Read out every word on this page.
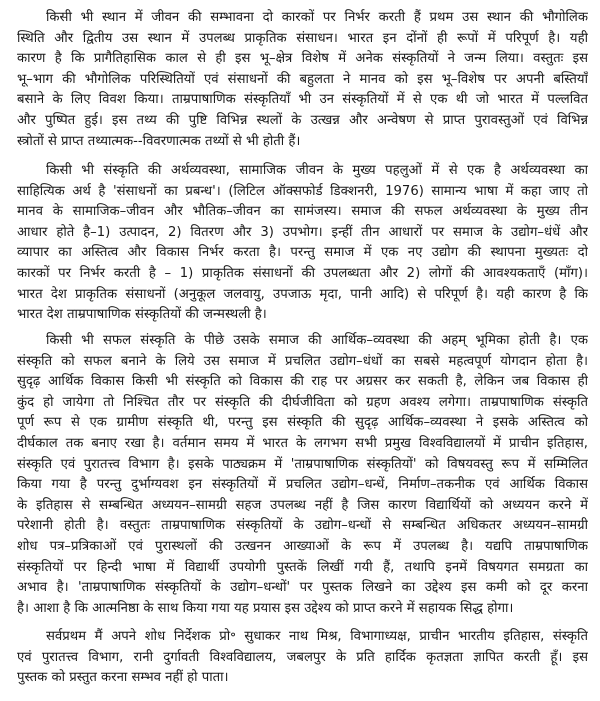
किसी भी स्थान में जीवन की सम्भावना दो कारकों पर निर्भर करती हैं प्रथम उस स्थान की भौगोलिक
स्थिति और द्वितीय उस स्थान में उपलब्ध प्राकृतिक संसाधन। भारत इन दोंनों ही रूपों में परिपूर्ण है। यही
कारण है कि प्रागैतिहासिक काल से ही इस भू–क्षेत्र विशेष में अनेक संस्कृतियों ने जन्म लिया। वस्तुतः इस
भू–भाग की भौगोलिक परिस्थितियों एवं संसाधनों की बहुलता ने मानव को इस भू–विशेष पर अपनी बस्तियाँ
बसाने के लिए विवश किया। ताम्रपाषाणिक संस्कृतियाँ भी उन संस्कृतियों में से एक थी जो भारत में पल्लवित
और पुष्पित हुई। इस तथ्य की पुष्टि विभिन्न स्थलों के उत्खन्न और अन्वेषण से प्राप्त पुरावस्तुओं एवं विभिन्न
स्त्रोतों से प्राप्त तथ्यात्मक--विवरणात्मक तथ्यों से भी होती हैं।

किसी भी संस्कृति की अर्थव्यवस्था, सामाजिक जीवन के मुख्य पहलुओं में से एक है अर्थव्यवस्था का
साहित्यिक अर्थ है 'संसाधनों का प्रबन्ध'। (लिटिल ऑक्सफोर्ड डिक्शनरी, 1976) सामान्य भाषा में कहा जाए तो
मानव के सामाजिक–जीवन और भौतिक–जीवन का सामंजस्य। समाज की सफल अर्थव्यवस्था के मुख्य तीन
आधार होते है–1) उत्पादन, 2) वितरण और 3) उपभोग। इन्हीं तीन आधारों पर समाज के उद्योग–धंधें और
व्यापार का अस्तित्व और विकास निर्भर करता है। परन्तु समाज में एक नए उद्योग की स्थापना मुख्यतः दो
कारकों पर निर्भर करती है – 1) प्राकृतिक संसाधनों की उपलब्धता और 2) लोगों की आवश्यकताएँ (माँग)।
भारत देश प्राकृतिक संसाधनों (अनुकूल जलवायु, उपजाऊ मृदा, पानी आदि) से परिपूर्ण है। यही कारण है कि
भारत देश ताम्रपाषाणिक संस्कृतियों की जन्मस्थली है।

किसी भी सफल संस्कृति के पीछे उसके समाज की आर्थिक–व्यवस्था की अहम् भूमिका होती है। एक
संस्कृति को सफल बनाने के लिये उस समाज में प्रचलित उद्योग–धंधों का सबसे महत्वपूर्ण योगदान होता है।
सुदृढ़ आर्थिक विकास किसी भी संस्कृति को विकास की राह पर अग्रसर कर सकती है, लेकिन जब विकास ही
कुंद हो जायेगा तो निश्चित तौर पर संस्कृति की दीर्घजीविता को ग्रहण अवश्य लगेगा। ताम्रपाषाणिक संस्कृति
पूर्ण रूप से एक ग्रामीण संस्कृति थी, परन्तु इस संस्कृति की सुदृढ़ आर्थिक–व्यवस्था ने इसके अस्तित्व को
दीर्घकाल तक बनाए रखा है। वर्तमान समय में भारत के लगभग सभी प्रमुख विश्वविद्यालयों में प्राचीन इतिहास,
संस्कृति एवं पुरातत्त्व विभाग है। इसके पाठ्यक्रम में 'ताम्रपाषाणिक संस्कृतियों' को विषयवस्तु रूप में सम्मिलित
किया गया है परन्तु दुर्भाग्यवश इन संस्कृतियों में प्रचलित उद्योग–धन्धें, निर्माण–तकनीक एवं आर्थिक विकास
के इतिहास से सम्बन्धित अध्ययन–सामग्री सहज उपलब्ध नहीं है जिस कारण विद्यार्थियों को अध्ययन करने में
परेशानी होती है। वस्तुतः ताम्रपाषाणिक संस्कृतियों के उद्योग–धन्धों से सम्बन्धित अधिकतर अध्ययन–सामग्री
शोध पत्र–प्रत्रिकाओं एवं पुरास्थलों की उत्खनन आख्याओं के रूप में उपलब्ध है। यद्यपि ताम्रपाषाणिक
संस्कृतियों पर हिन्दी भाषा में विद्यार्थी उपयोगी पुस्तकें लिखीं गयी हैं, तथापि इनमें विषयगत समग्रता का
अभाव है। 'ताम्रपाषाणिक संस्कृतियों के उद्योग–धन्धों' पर पुस्तक लिखने का उद्देश्य इस कमी को दूर करना
है। आशा है कि आत्मनिष्ठा के साथ किया गया यह प्रयास इस उद्देश्य को प्राप्त करने में सहायक सिद्ध होगा।

सर्वप्रथम मैं अपने शोध निर्देशक प्रो॰ सुधाकर नाथ मिश्र, विभागाध्यक्ष, प्राचीन भारतीय इतिहास, संस्कृति
एवं पुरातत्त्व विभाग, रानी दुर्गावती विश्वविद्यालय, जबलपुर के प्रति हार्दिक कृतज्ञता ज्ञापित करती हूँ। इस
पुस्तक को प्रस्तुत करना सम्भव नहीं हो पाता।
